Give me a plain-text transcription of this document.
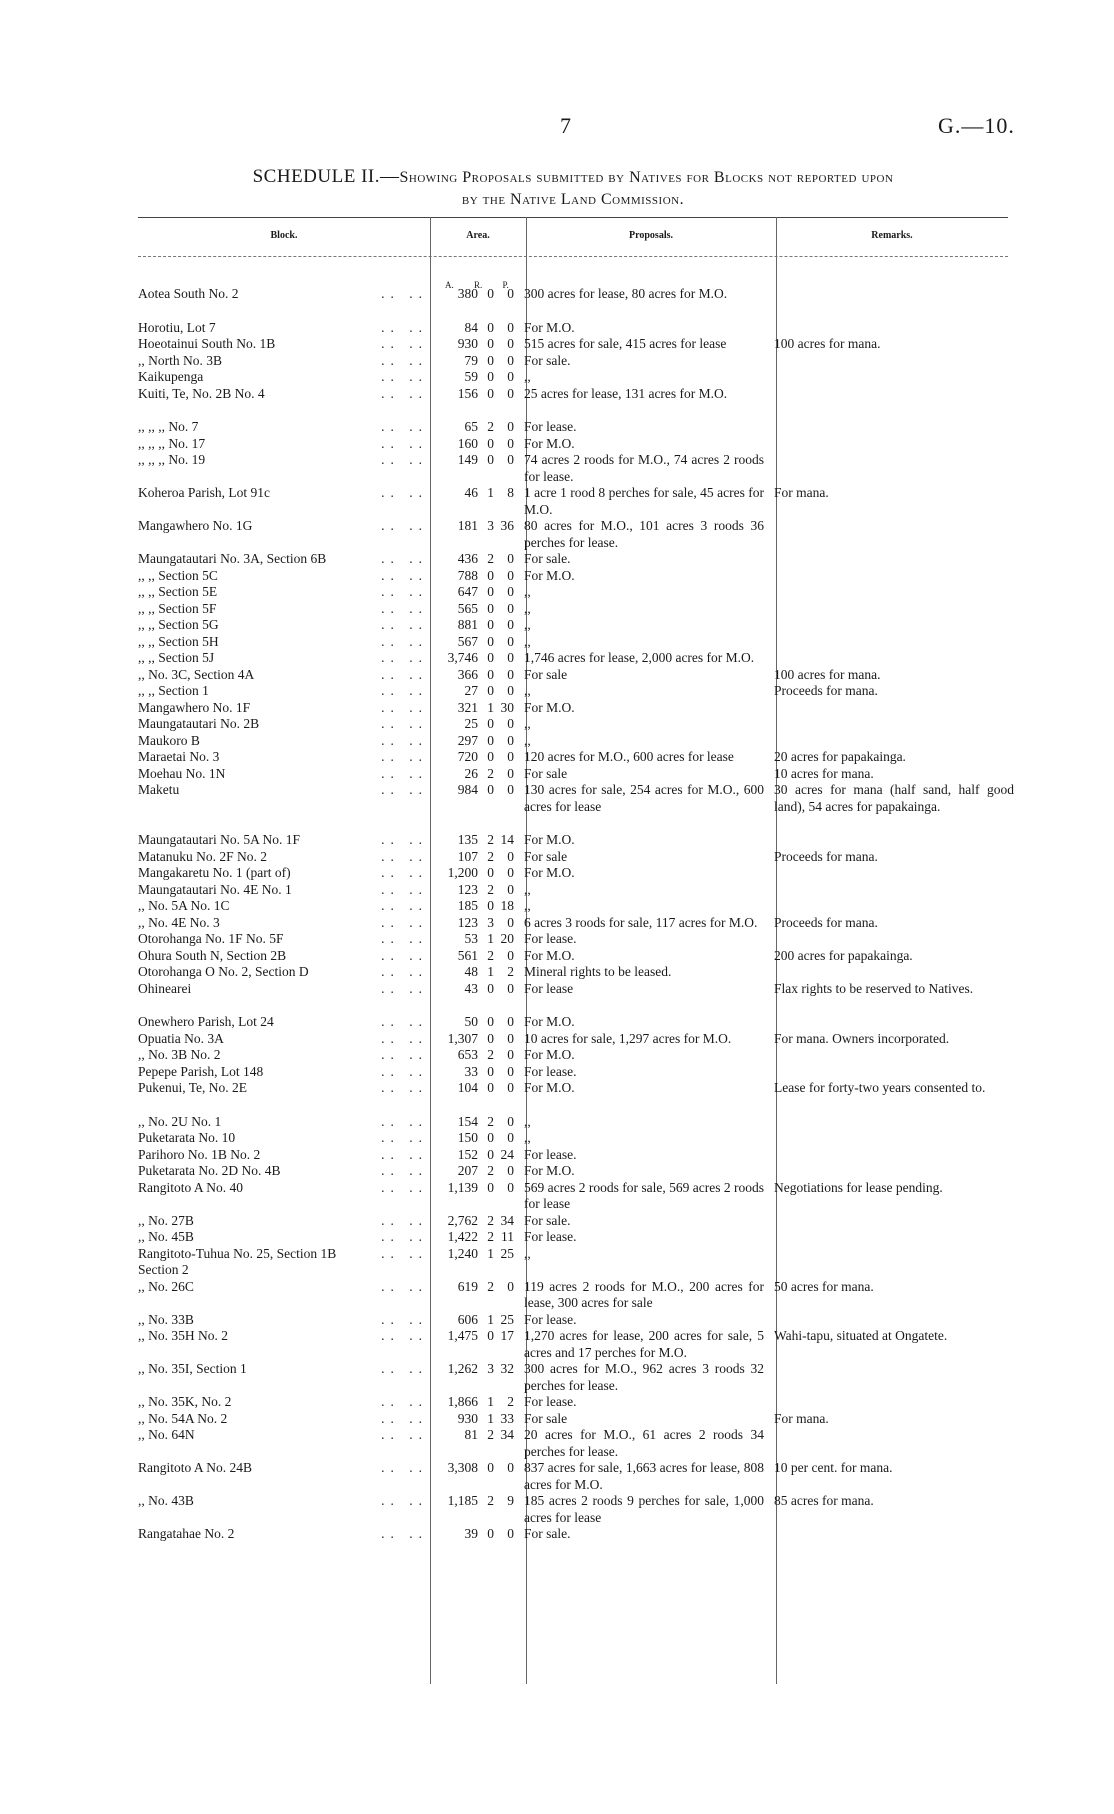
7	G.—10.
SCHEDULE II.—Showing Proposals submitted by Natives for Blocks not reported upon
by the Native Land Commission.
Block.	Area.	Proposals.	Remarks.
A. R. P.
Aotea South No. 2 .. ..		380	0	0		300 acres for lease, 80 acres for M.O.	
Horotiu, Lot 7 .. ..		84	0	0		For M.O.	
Hoeotainui South No. 1B .. ..		930	0	0		515 acres for sale, 415 acres for lease	100 acres for mana.
,, North No. 3B .. ..		79	0	0		For sale.	
Kaikupenga .. ..		59	0	0		,,	
Kuiti, Te, No. 2B No. 4 .. ..		156	0	0		25 acres for lease, 131 acres for M.O.	
,, ,, ,, No. 7 .. ..		65	2	0		For lease.	
,, ,, ,, No. 17 .. ..		160	0	0		For M.O.	
,, ,, ,, No. 19 .. ..		149	0	0		74 acres 2 roods for M.O., 74 acres 2 roods for lease.	
Koheroa Parish, Lot 91c .. ..		46	1	8		1 acre 1 rood 8 perches for sale, 45 acres for M.O.	For mana.
Mangawhero No. 1G .. ..		181	3	36		80 acres for M.O., 101 acres 3 roods 36 perches for lease.	
Maungatautari No. 3A, Section 6B .. ..		436	2	0		For sale.	
,, ,, Section 5C .. ..		788	0	0		For M.O.	
,, ,, Section 5E .. ..		647	0	0		,,	
,, ,, Section 5F .. ..		565	0	0		,,	
,, ,, Section 5G .. ..		881	0	0		,,	
,, ,, Section 5H .. ..		567	0	0		,,	
,, ,, Section 5J .. ..		3,746	0	0		1,746 acres for lease, 2,000 acres for M.O.	
,, No. 3C, Section 4A .. ..		366	0	0		For sale	100 acres for mana.
,, ,, Section 1 .. ..		27	0	0		,,	Proceeds for mana.
Mangawhero No. 1F .. ..		321	1	30		For M.O.	
Maungatautari No. 2B .. ..		25	0	0		,,	
Maukoro B .. ..		297	0	0		,,	
Maraetai No. 3 .. ..		720	0	0		120 acres for M.O., 600 acres for lease	20 acres for papakainga.
Moehau No. 1N .. ..		26	2	0		For sale	10 acres for mana.
Maketu .. ..		984	0	0		130 acres for sale, 254 acres for M.O., 600 acres for lease	30 acres for mana (half sand, half good land), 54 acres for papakainga.
Maungatautari No. 5A No. 1F .. ..		135	2	14		For M.O.	
Matanuku No. 2F No. 2 .. ..		107	2	0		For sale	Proceeds for mana.
Mangakaretu No. 1 (part of) .. ..		1,200	0	0		For M.O.	
Maungatautari No. 4E No. 1 .. ..		123	2	0		,,	
,, No. 5A No. 1C .. ..		185	0	18		,,	
,, No. 4E No. 3 .. ..		123	3	0		6 acres 3 roods for sale, 117 acres for M.O.	Proceeds for mana.
Otorohanga No. 1F No. 5F .. ..		53	1	20		For lease.	
Ohura South N, Section 2B .. ..		561	2	0		For M.O.	200 acres for papakainga.
Otorohanga O No. 2, Section D .. ..		48	1	2		Mineral rights to be leased.	
Ohinearei .. ..		43	0	0		For lease	Flax rights to be reserved to Natives.
Onewhero Parish, Lot 24 .. ..		50	0	0		For M.O.	
Opuatia No. 3A .. ..		1,307	0	0		10 acres for sale, 1,297 acres for M.O.	For mana. Owners incorporated.
,, No. 3B No. 2 .. ..		653	2	0		For M.O.	
Pepepe Parish, Lot 148 .. ..		33	0	0		For lease.	
Pukenui, Te, No. 2E .. ..		104	0	0		For M.O.	Lease for forty-two years consented to.
,, No. 2U No. 1 .. ..		154	2	0		,,	
Puketarata No. 10 .. ..		150	0	0		,,	
Parihoro No. 1B No. 2 .. ..		152	0	24		For lease.	
Puketarata No. 2D No. 4B .. ..		207	2	0		For M.O.	
Rangitoto A No. 40 .. ..		1,139	0	0		569 acres 2 roods for sale, 569 acres 2 roods for lease	Negotiations for lease pending.
,, No. 27B .. ..		2,762	2	34		For sale.	
,, No. 45B .. ..		1,422	2	11		For lease.	
Rangitoto-Tuhua No. 25, Section 1B .. ..		1,240	1	25		,,	
Section 2

,, No. 26C .. ..		619	2	0		119 acres 2 roods for M.O., 200 acres for lease, 300 acres for sale	50 acres for mana.
,, No. 33B .. ..		606	1	25		For lease.	
,, No. 35H No. 2 .. ..		1,475	0	17		1,270 acres for lease, 200 acres for sale, 5 acres and 17 perches for M.O.	Wahi-tapu, situated at Ongatete.
,, No. 35I, Section 1 .. ..		1,262	3	32		300 acres for M.O., 962 acres 3 roods 32 perches for lease.	
,, No. 35K, No. 2 .. ..		1,866	1	2		For lease.	
,, No. 54A No. 2 .. ..		930	1	33		For sale	For mana.
,, No. 64N .. ..		81	2	34		20 acres for M.O., 61 acres 2 roods 34 perches for lease.	
Rangitoto A No. 24B .. ..		3,308	0	0		837 acres for sale, 1,663 acres for lease, 808 acres for M.O.	10 per cent. for mana.
,, No. 43B .. ..		1,185	2	9		185 acres 2 roods 9 perches for sale, 1,000 acres for lease	85 acres for mana.
Rangatahae No. 2 .. ..		39	0	0		For sale.	
